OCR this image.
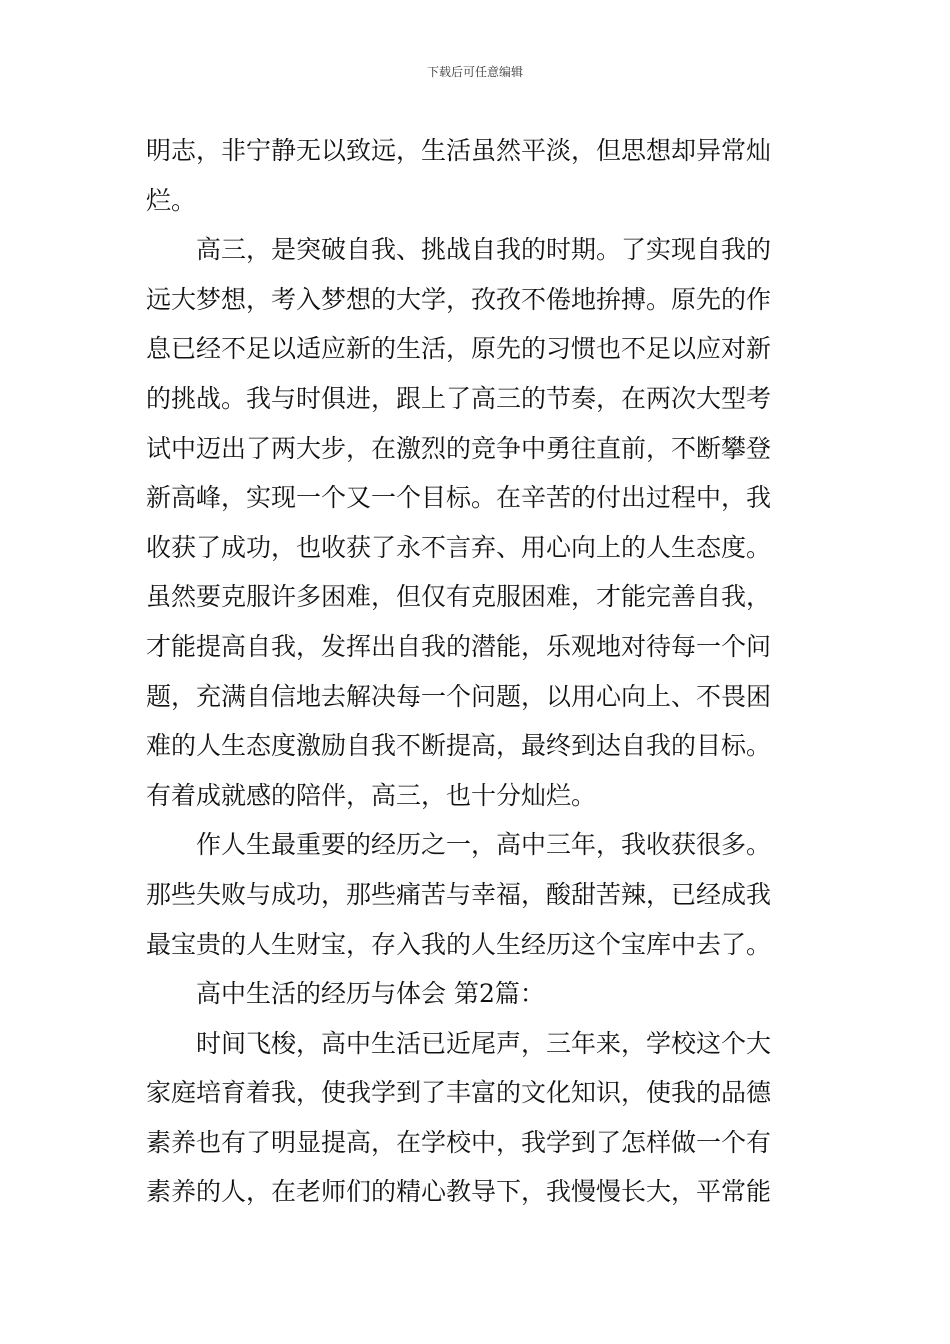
下载后可任意编辑
明志，非宁静无以致远，生活虽然平淡，但思想却异常灿
烂。
　　高三，是突破自我、挑战自我的时期。了实现自我的
远大梦想，考入梦想的大学，孜孜不倦地拚搏。原先的作
息已经不足以适应新的生活，原先的习惯也不足以应对新
的挑战。我与时俱进，跟上了高三的节奏，在两次大型考
试中迈出了两大步，在激烈的竞争中勇往直前，不断攀登
新高峰，实现一个又一个目标。在辛苦的付出过程中，我
收获了成功，也收获了永不言弃、用心向上的人生态度。
虽然要克服许多困难，但仅有克服困难，才能完善自我，
才能提高自我，发挥出自我的潜能，乐观地对待每一个问
题，充满自信地去解决每一个问题，以用心向上、不畏困
难的人生态度激励自我不断提高，最终到达自我的目标。
有着成就感的陪伴，高三，也十分灿烂。
　　作人生最重要的经历之一，高中三年，我收获很多。
那些失败与成功，那些痛苦与幸福，酸甜苦辣，已经成我
最宝贵的人生财宝，存入我的人生经历这个宝库中去了。
　　高中生活的经历与体会 第2篇：
　　时间飞梭，高中生活已近尾声，三年来，学校这个大
家庭培育着我，使我学到了丰富的文化知识，使我的品德
素养也有了明显提高，在学校中，我学到了怎样做一个有
素养的人，在老师们的精心教导下，我慢慢长大，平常能
